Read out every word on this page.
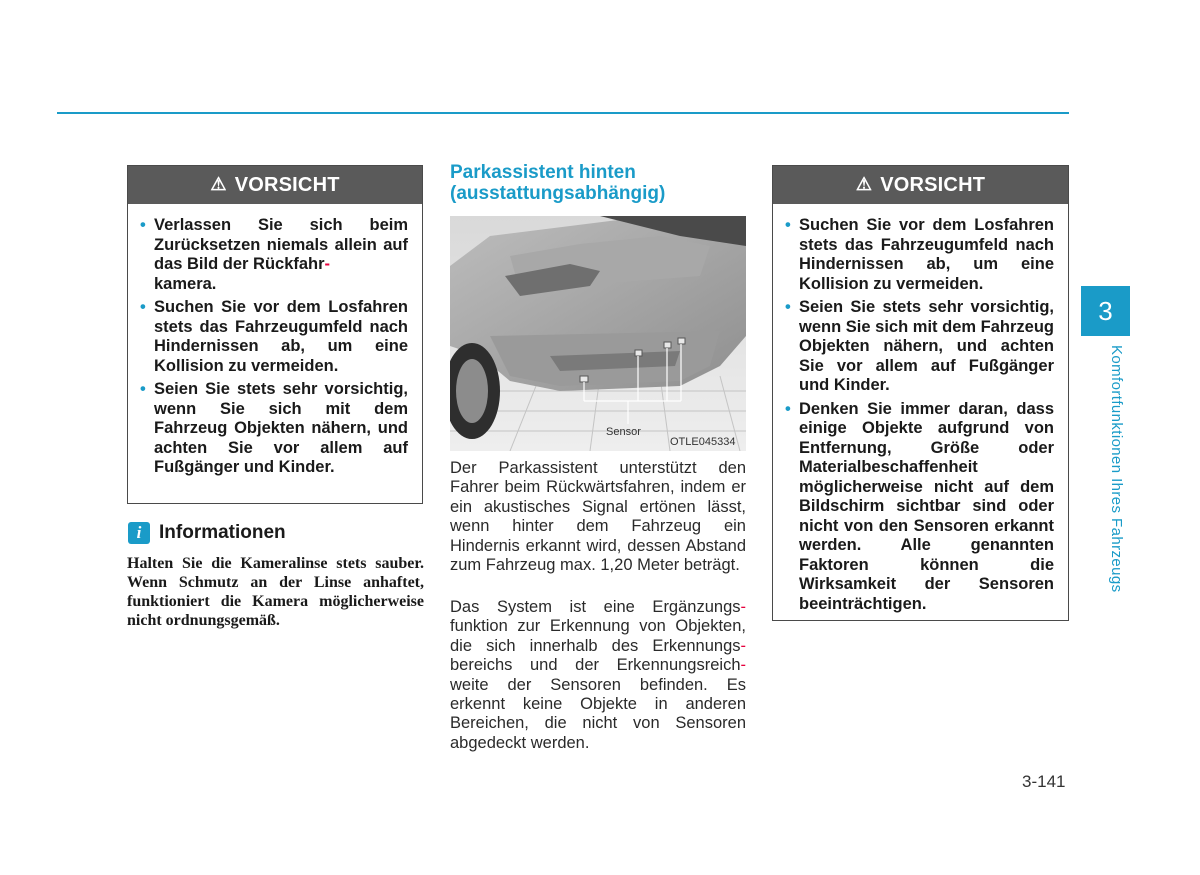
⚠ VORSICHT
• Verlassen Sie sich beim Zurücksetzen niemals allein auf das Bild der Rückfahr -
kamera.
• Suchen Sie vor dem Losfahren stets das Fahrzeugumfeld nach Hindernissen ab, um eine Kollision zu vermeiden.
• Seien Sie stets sehr vorsichtig, wenn Sie sich mit dem Fahrzeug Objekten nähern, und achten Sie vor allem auf Fußgänger und Kinder.
i Informationen
Halten Sie die Kameralinse stets sauber. Wenn Schmutz an der Linse anhaftet, funktioniert die Kamera möglicherweise nicht ordnungsgemäß.
Parkassistent hinten
(ausstattungsabhängig)
Sensor
OTLE045334
Der Parkassistent unterstützt den Fahrer beim Rückwärtsfahren, indem er ein akustisches Signal ertönen lässt, wenn hinter dem Fahrzeug ein Hindernis erkannt wird, dessen Abstand zum Fahrzeug max. 1,20 Meter beträgt.
Das System ist eine Ergänzungs - funktion zur Erkennung von Objekten, die sich innerhalb des Erkennungs - bereichs und der Erkennungsreich - weite der Sensoren befinden. Es erkennt keine Objekte in anderen Bereichen, die nicht von Sensoren abgedeckt werden.
⚠ VORSICHT
• Suchen Sie vor dem Losfahren stets das Fahrzeugumfeld nach Hindernissen ab, um eine Kollision zu vermeiden.
• Seien Sie stets sehr vorsichtig, wenn Sie sich mit dem Fahrzeug Objekten nähern, und achten Sie vor allem auf Fußgänger und Kinder.
• Denken Sie immer daran, dass einige Objekte aufgrund von Entfernung, Größe oder Materialbeschaffenheit möglicherweise nicht auf dem Bildschirm sichtbar sind oder nicht von den Sensoren erkannt werden. Alle genannten Faktoren können die Wirksamkeit der Sensoren beeinträchtigen.
3
Komfortfunktionen Ihres Fahrzeugs
3-141
